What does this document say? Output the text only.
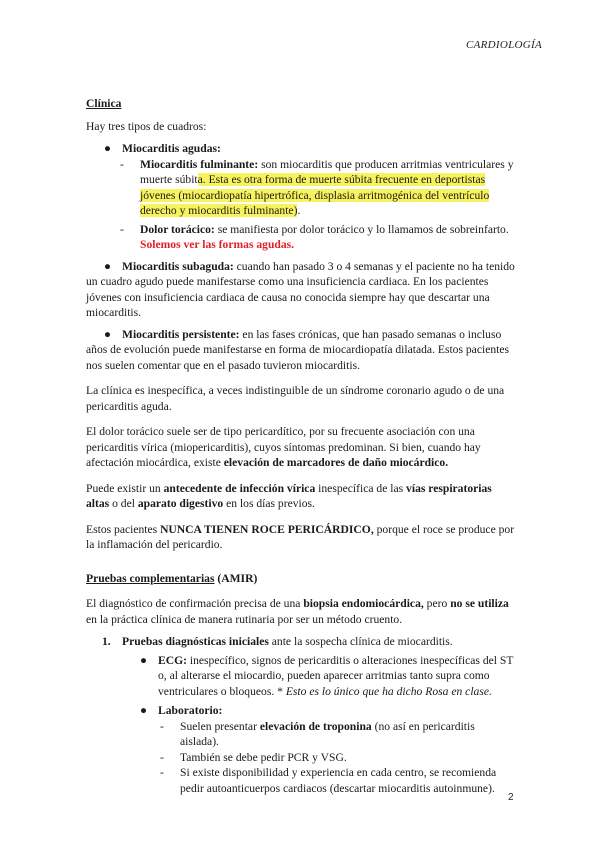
CARDIOLOGÍA

Clínica

Hay tres tipos de cuadros:

● Miocarditis agudas:
- Miocarditis fulminante: son miocarditis que producen arritmias ventriculares y muerte súbita. Esta es otra forma de muerte súbita frecuente en deportistas jóvenes (miocardiopatía hipertrófica, displasia arritmogénica del ventrículo derecho y miocarditis fulminante).
- Dolor torácico: se manifiesta por dolor torácico y lo llamamos de sobreinfarto. Solemos ver las formas agudas.
● Miocarditis subaguda: cuando han pasado 3 o 4 semanas y el paciente no ha tenido un cuadro agudo puede manifestarse como una insuficiencia cardiaca. En los pacientes jóvenes con insuficiencia cardiaca de causa no conocida siempre hay que descartar una miocarditis.
● Miocarditis persistente: en las fases crónicas, que han pasado semanas o incluso años de evolución puede manifestarse en forma de miocardiopatía dilatada. Estos pacientes nos suelen comentar que en el pasado tuvieron miocarditis.

La clínica es inespecífica, a veces indistinguible de un síndrome coronario agudo o de una pericarditis aguda.

El dolor torácico suele ser de tipo pericardítico, por su frecuente asociación con una pericarditis vírica (miopericarditis), cuyos síntomas predominan. Si bien, cuando hay afectación miocárdica, existe elevación de marcadores de daño miocárdico.

Puede existir un antecedente de infección vírica inespecífica de las vías respiratorias altas o del aparato digestivo en los días previos.

Estos pacientes NUNCA TIENEN ROCE PERICÁRDICO, porque el roce se produce por la inflamación del pericardio.

Pruebas complementarias (AMIR)

El diagnóstico de confirmación precisa de una biopsia endomiocárdica, pero no se utiliza en la práctica clínica de manera rutinaria por ser un método cruento.

1. Pruebas diagnósticas iniciales ante la sospecha clínica de miocarditis.
● ECG: inespecífico, signos de pericarditis o alteraciones inespecíficas del ST o, al alterarse el miocardio, pueden aparecer arritmias tanto supra como ventriculares o bloqueos. * Esto es lo único que ha dicho Rosa en clase.
● Laboratorio:
- Suelen presentar elevación de troponina (no así en pericarditis aislada).
- También se debe pedir PCR y VSG.
- Si existe disponibilidad y experiencia en cada centro, se recomienda pedir autoanticuerpos cardiacos (descartar miocarditis autoinmune).
2
